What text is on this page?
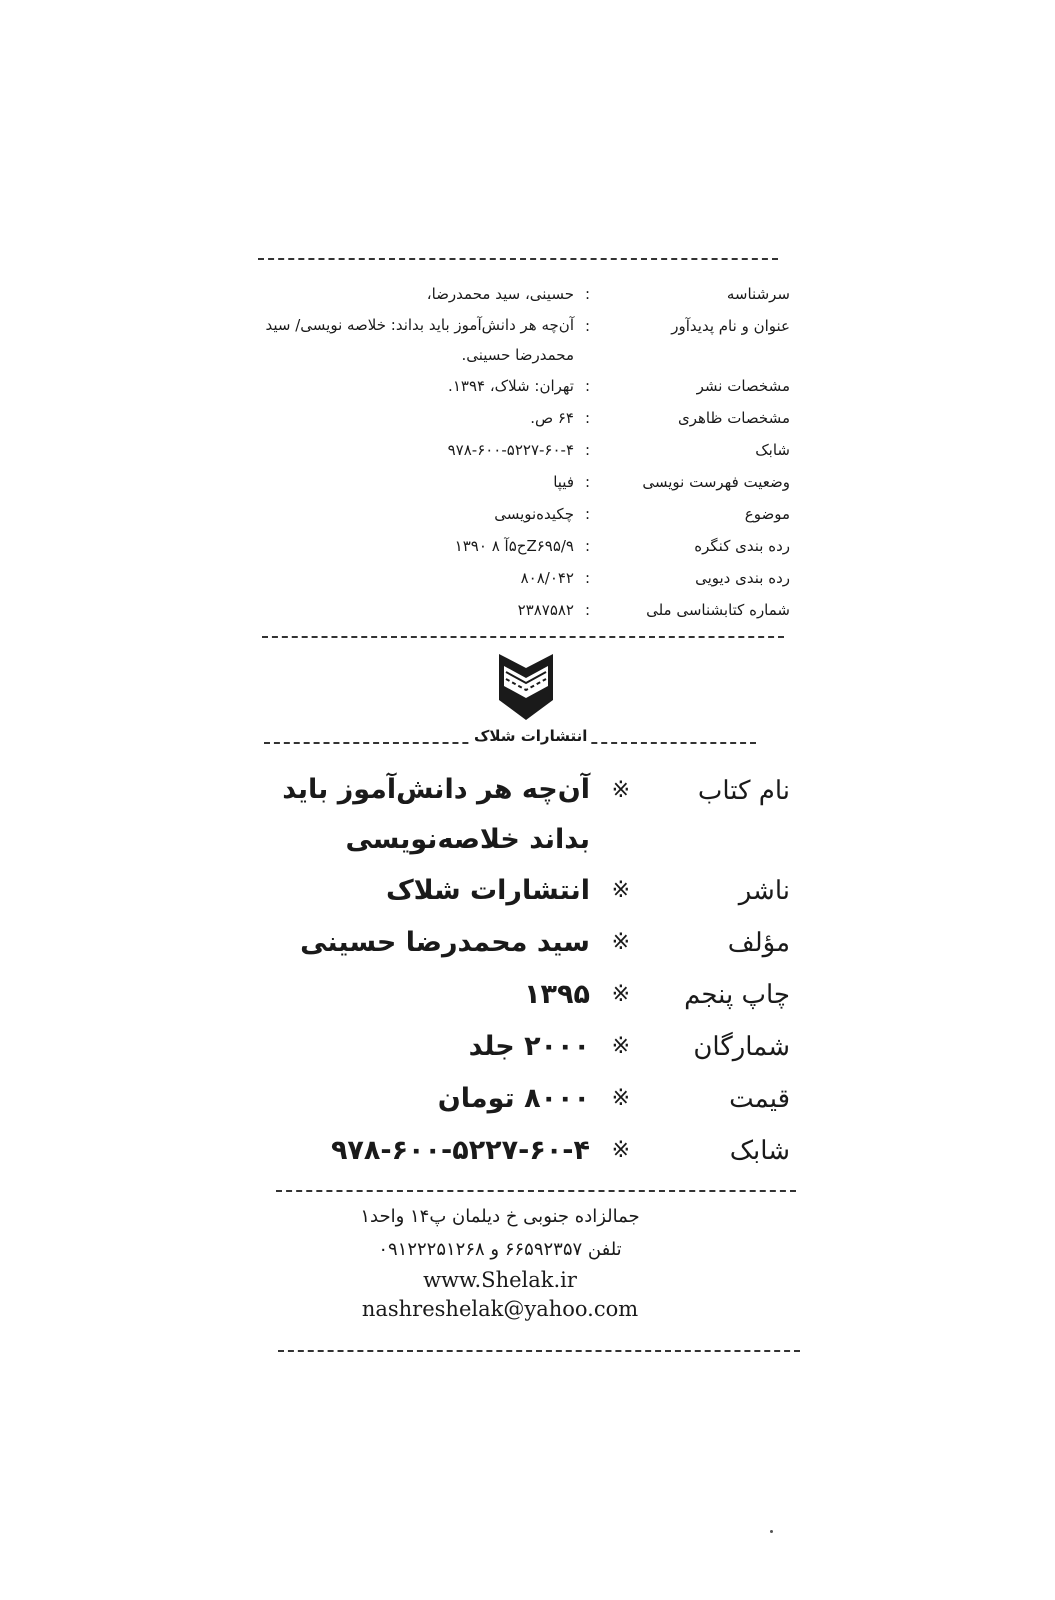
سرشناسه
:
حسینی، سید محمدرضا،
عنوان و نام پدیدآور
:
آن‌چه هر دانش‌آموز باید بداند: خلاصه نویسی/ سید محمدرضا حسینی.
مشخصات نشر
:
تهران: شلاک، ۱۳۹۴.
مشخصات ظاهری
:
۶۴ ص.
شابک
:
۹۷۸-۶۰۰-۵۲۲۷-۶۰-۴
وضعیت فهرست نویسی
:
فیپا
موضوع
:
چکیده‌نویسی
رده بندی کنگره
:
Z۶۹۵/۹ح۵آ ۸ ۱۳۹۰
رده بندی دیویی
:
۸۰۸/۰۴۲
شماره کتابشناسی ملی
:
۲۳۸۷۵۸۲
انتشارات شلاک
نام کتاب
※
آن‌چه هر دانش‌آموز باید بداند خلاصه‌نویسی
ناشر
※
انتشارات شلاک
مؤلف
※
سید محمدرضا حسینی
چاپ پنجم
※
۱۳۹۵
شمارگان
※
۲۰۰۰ جلد
قیمت
※
۸۰۰۰ تومان
شابک
※
۹۷۸-۶۰۰-۵۲۲۷-۶۰-۴
جمالزاده جنوبی خ دیلمان پ۱۴ واحد۱
تلفن ۶۶۵۹۲۳۵۷ و ۰۹۱۲۲۲۵۱۲۶۸
www.Shelak.ir
nashreshelak@yahoo.com
